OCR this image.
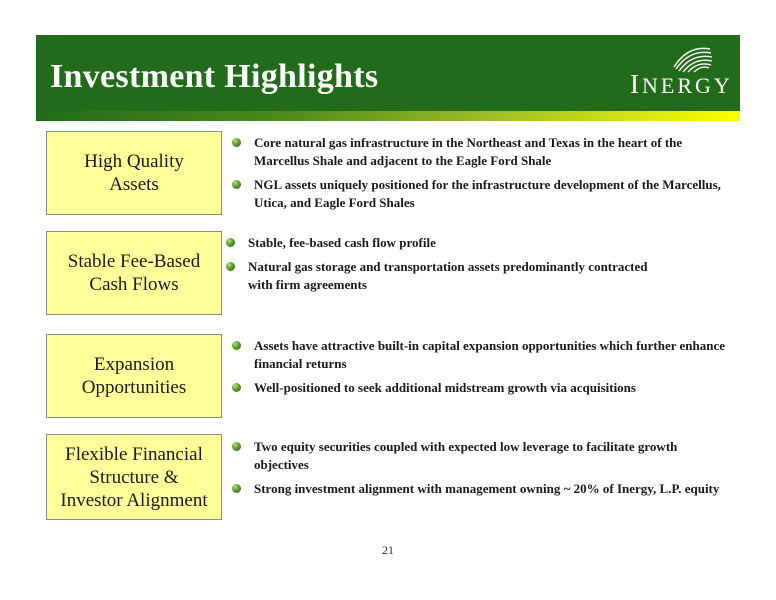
Investment Highlights	INERGY
High Quality
Assets
Core natural gas infrastructure in the Northeast and Texas in the heart of the Marcellus Shale and adjacent to the Eagle Ford Shale
NGL assets uniquely positioned for the infrastructure development of the Marcellus, Utica, and Eagle Ford Shales
Stable Fee-Based
Cash Flows
Stable, fee-based cash flow profile
Natural gas storage and transportation assets predominantly contracted with firm agreements
Expansion
Opportunities
Assets have attractive built-in capital expansion opportunities which further enhance financial returns
Well-positioned to seek additional midstream growth via acquisitions
Flexible Financial
Structure &
Investor Alignment
Two equity securities coupled with expected low leverage to facilitate growth objectives
Strong investment alignment with management owning ~ 20% of Inergy, L.P. equity
21
